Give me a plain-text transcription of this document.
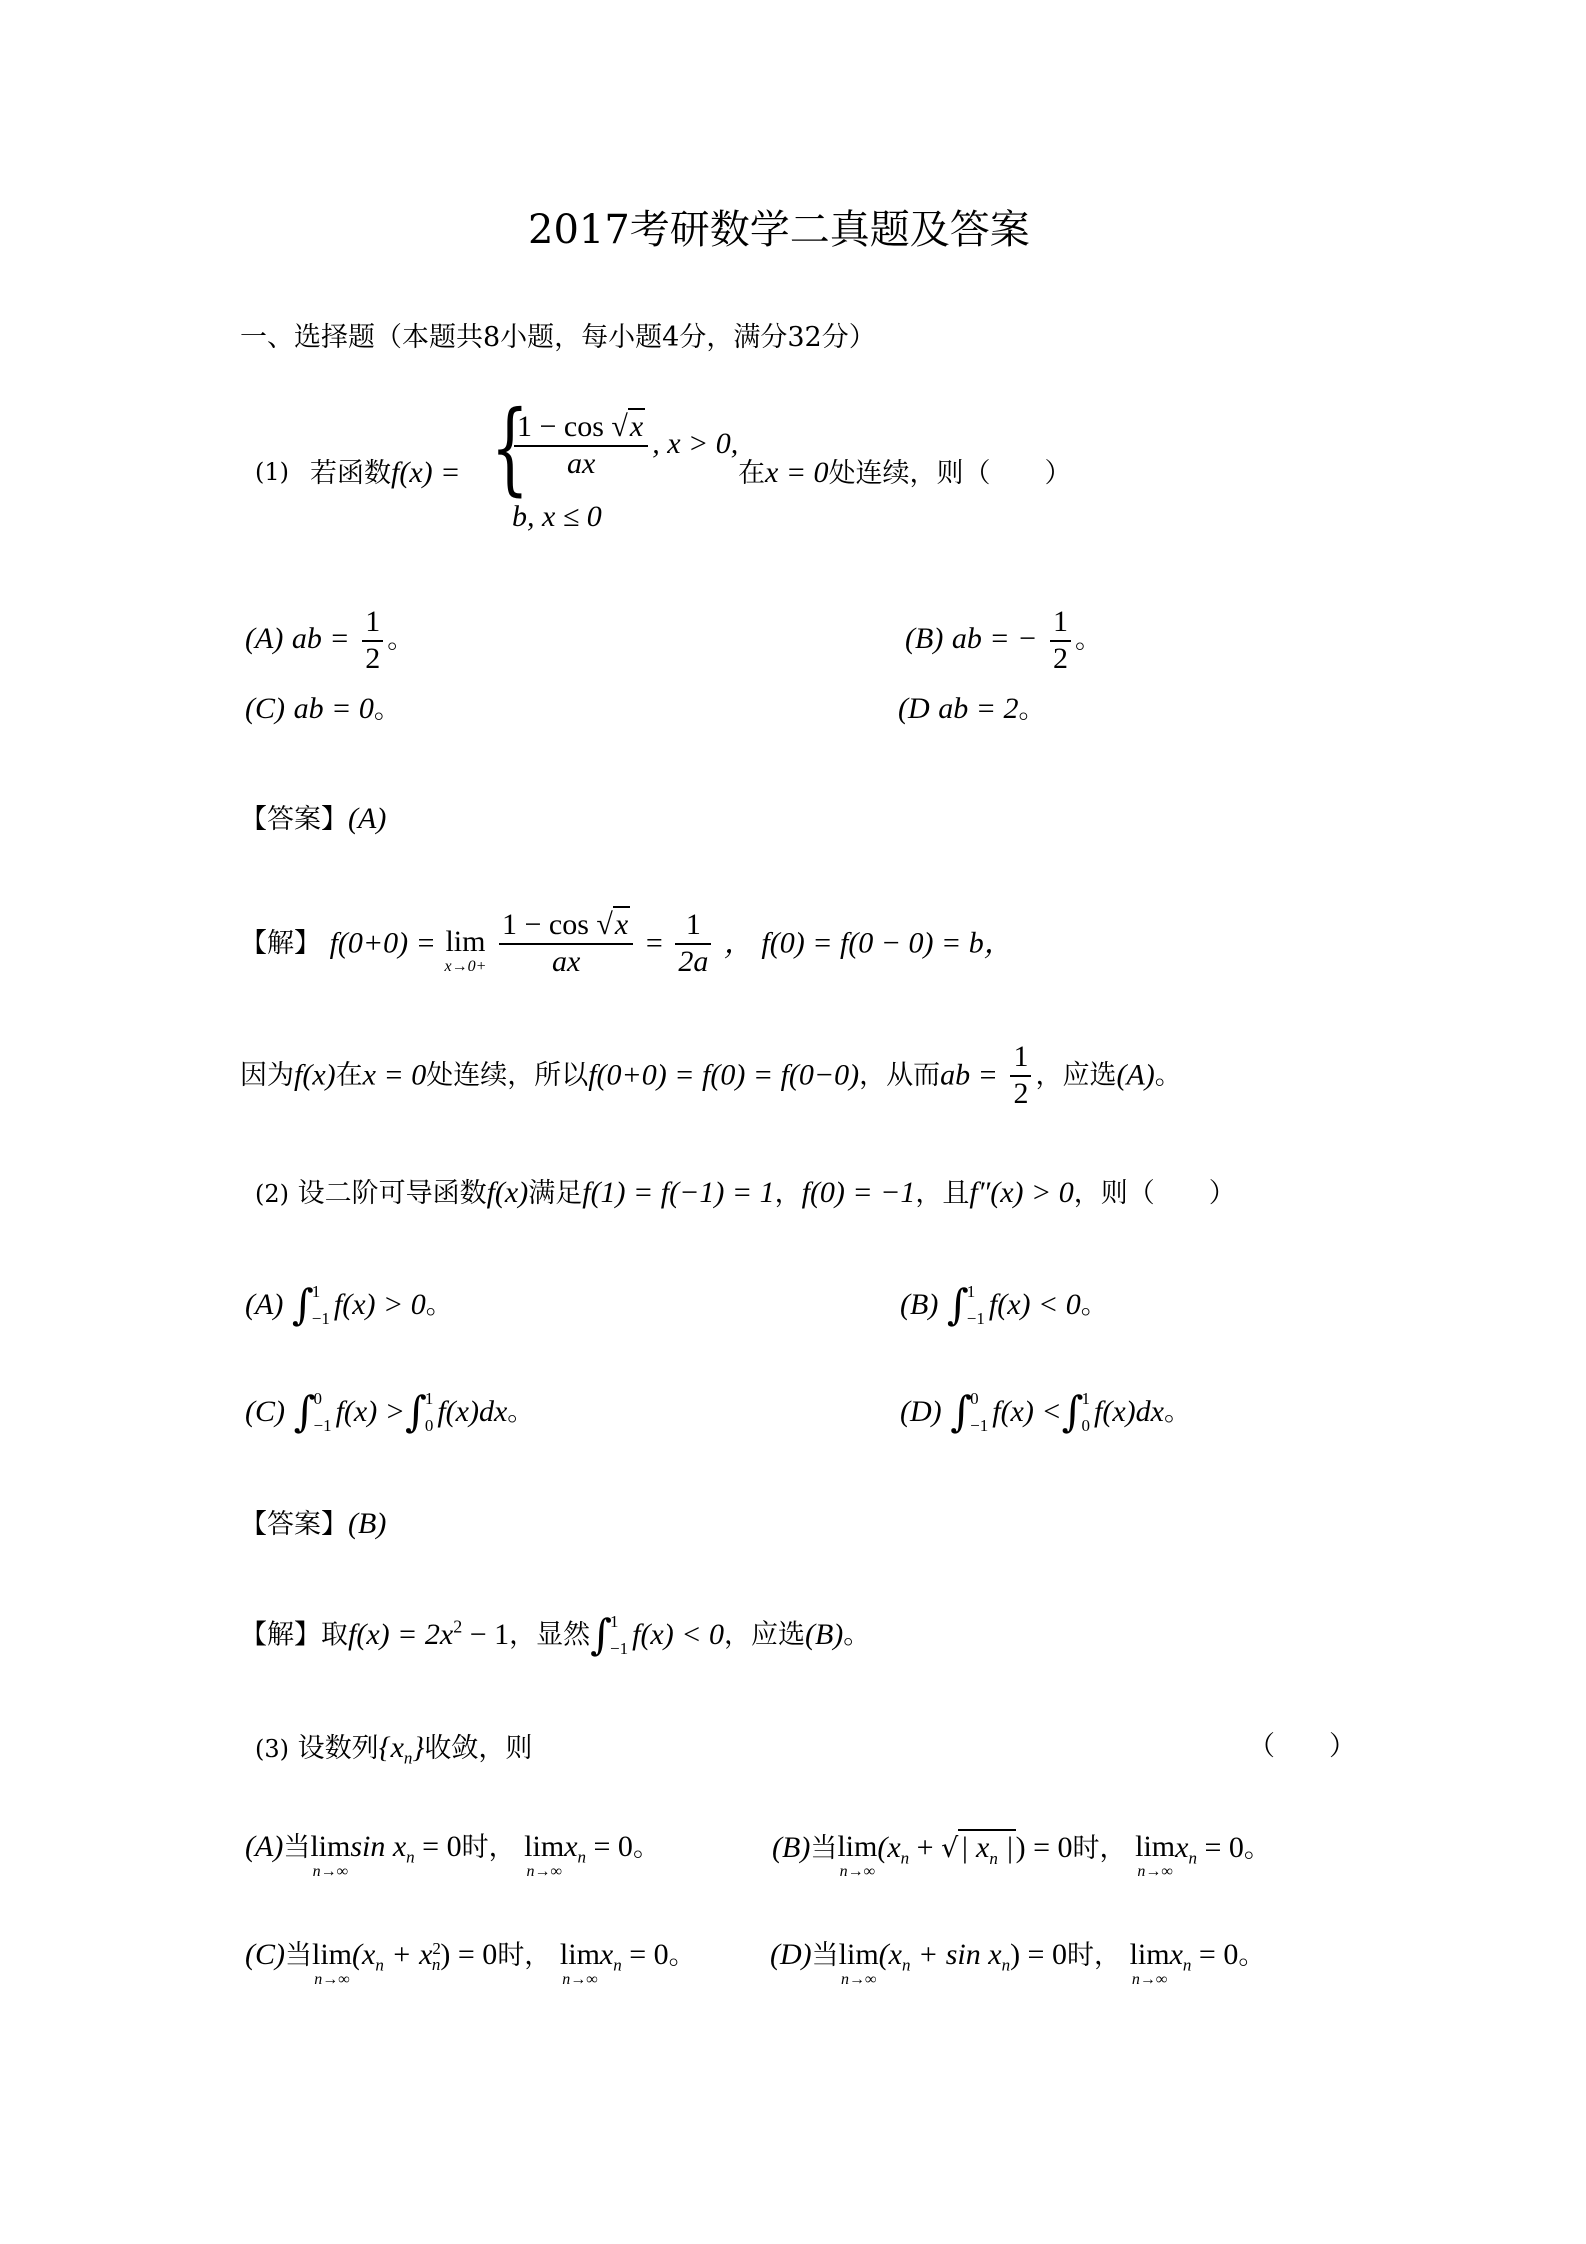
2017考研数学二真题及答案
一、选择题（本题共8小题，每小题4分，满分32分）
(1) 若函数f(x) = {
$\frac{1 - \cos √x}{ax}$ , x > 0,
b, x ≤ 0
在x = 0处连续，则（　　）
(A) ab = $\frac{1}{2}$ 。	(B) ab = − $\frac{1}{2}$ 。
(C) ab = 0。	(D ab = 2。
【答案】(A)
【解】 f(0+0) = lim
x→0+
$\frac{1 - \cos √x}{ax} = \frac{1}{2a}$ ， f(0) = f(0 − 0) = b，
因为f(x)在x = 0处连续，所以f(0+0) = f(0) = f(0−0)，从而ab = $\frac{1}{2}$ ，应选(A)。
(2) 设二阶可导函数f(x)满足f(1) = f(−1) = 1，f(0) = −1，且f″(x) > 0，则（　　）
(A) ∫
1
−1 f(x) > 0。	(B) ∫
1
−1 f(x) < 0。
(C) ∫
0
−1 f(x) >∫
1
0 f(x)dx。	(D) ∫
0
−1 f(x) <∫
1
0 f(x)dx。
【答案】(B)
【解】取$f(x) = 2x^2 - 1$，显然∫
1
−1 f(x) < 0，应选(B)。
(3) 设数列$\{x_n\}$收敛，则	（　　）
(A)当 lim
n→∞
$\sin x_n = 0$时， lim
n→∞
$x_n = 0$。	(B)当 lim
n→∞
($x_n$ + √| $x_n$ |) = 0时， lim
n→∞
$x_n = 0$。
(C)当 lim
n→∞
$(x_n + x^2_n) = 0$时， lim
n→∞
$x_n = 0$。 (D)当 lim
n→∞
$(x_n + \sin x_n) = 0$时， lim
n→∞
$x_n = 0$。
